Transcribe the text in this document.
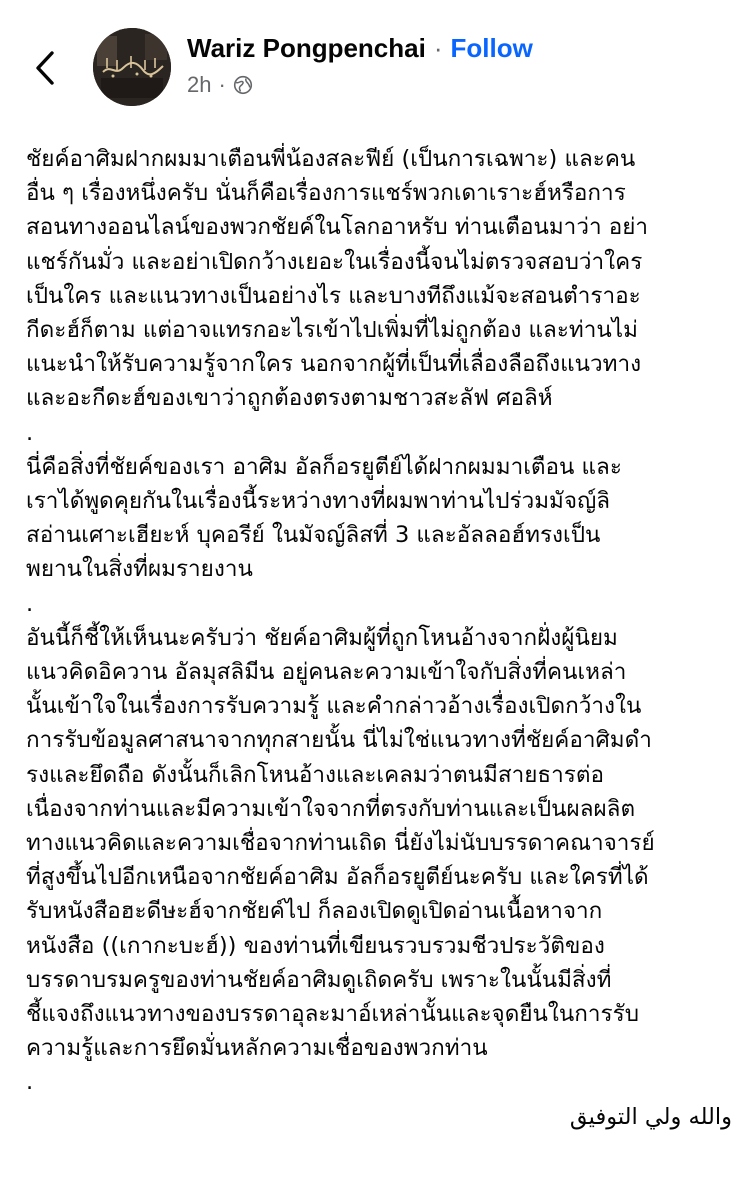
Wariz Pongpenchai · Follow
2h ·
ชัยค์อาศิมฝากผมมาเตือนพี่น้องสละฟีย์ (เป็นการเฉพาะ) และคน
อื่น ๆ เรื่องหนึ่งครับ นั่นก็คือเรื่องการแชร์พวกเดาเราะฮ์หรือการ
สอนทางออนไลน์ของพวกชัยค์ในโลกอาหรับ ท่านเตือนมาว่า อย่า
แชร์กันมั่ว และอย่าเปิดกว้างเยอะในเรื่องนี้จนไม่ตรวจสอบว่าใคร
เป็นใคร และแนวทางเป็นอย่างไร และบางทีถึงแม้จะสอนตำราอะ
กีดะฮ์ก็ตาม แต่อาจแทรกอะไรเข้าไปเพิ่มที่ไม่ถูกต้อง และท่านไม่
แนะนำให้รับความรู้จากใคร นอกจากผู้ที่เป็นที่เลื่องลือถึงแนวทาง
และอะกีดะฮ์ของเขาว่าถูกต้องตรงตามชาวสะลัฟ ศอลิห์
.
นี่คือสิ่งที่ชัยค์ของเรา อาศิม อัลก็อรยูตีย์ได้ฝากผมมาเตือน และ
เราได้พูดคุยกันในเรื่องนี้ระหว่างทางที่ผมพาท่านไปร่วมมัจญ์ลิ
สอ่านเศาะเฮียะห์ บุคอรีย์ ในมัจญ์ลิสที่ 3 และอัลลอฮ์ทรงเป็น
พยานในสิ่งที่ผมรายงาน
.
อันนี้ก็ชี้ให้เห็นนะครับว่า ชัยค์อาศิมผู้ที่ถูกโหนอ้างจากฝั่งผู้นิยม
แนวคิดอิควาน อัลมุสลิมีน อยู่คนละความเข้าใจกับสิ่งที่คนเหล่า
นั้นเข้าใจในเรื่องการรับความรู้ และคำกล่าวอ้างเรื่องเปิดกว้างใน
การรับข้อมูลศาสนาจากทุกสายนั้น นี่ไม่ใช่แนวทางที่ชัยค์อาศิมดำ
รงและยึดถือ ดังนั้นก็เลิกโหนอ้างและเคลมว่าตนมีสายธารต่อ
เนื่องจากท่านและมีความเข้าใจจากที่ตรงกับท่านและเป็นผลผลิต
ทางแนวคิดและความเชื่อจากท่านเถิด นี่ยังไม่นับบรรดาคณาจารย์
ที่สูงขึ้นไปอีกเหนือจากชัยค์อาศิม อัลก็อรยูตีย์นะครับ และใครที่ได้
รับหนังสือฮะดีษะฮ์จากชัยค์ไป ก็ลองเปิดดูเปิดอ่านเนื้อหาจาก
หนังสือ ((เกากะบะฮ์)) ของท่านที่เขียนรวบรวมชีวประวัติของ
บรรดาบรมครูของท่านชัยค์อาศิมดูเถิดครับ เพราะในนั้นมีสิ่งที่
ชี้แจงถึงแนวทางของบรรดาอุละมาอ์เหล่านั้นและจุดยืนในการรับ
ความรู้และการยึดมั่นหลักความเชื่อของพวกท่าน
.
والله ولي التوفيق
